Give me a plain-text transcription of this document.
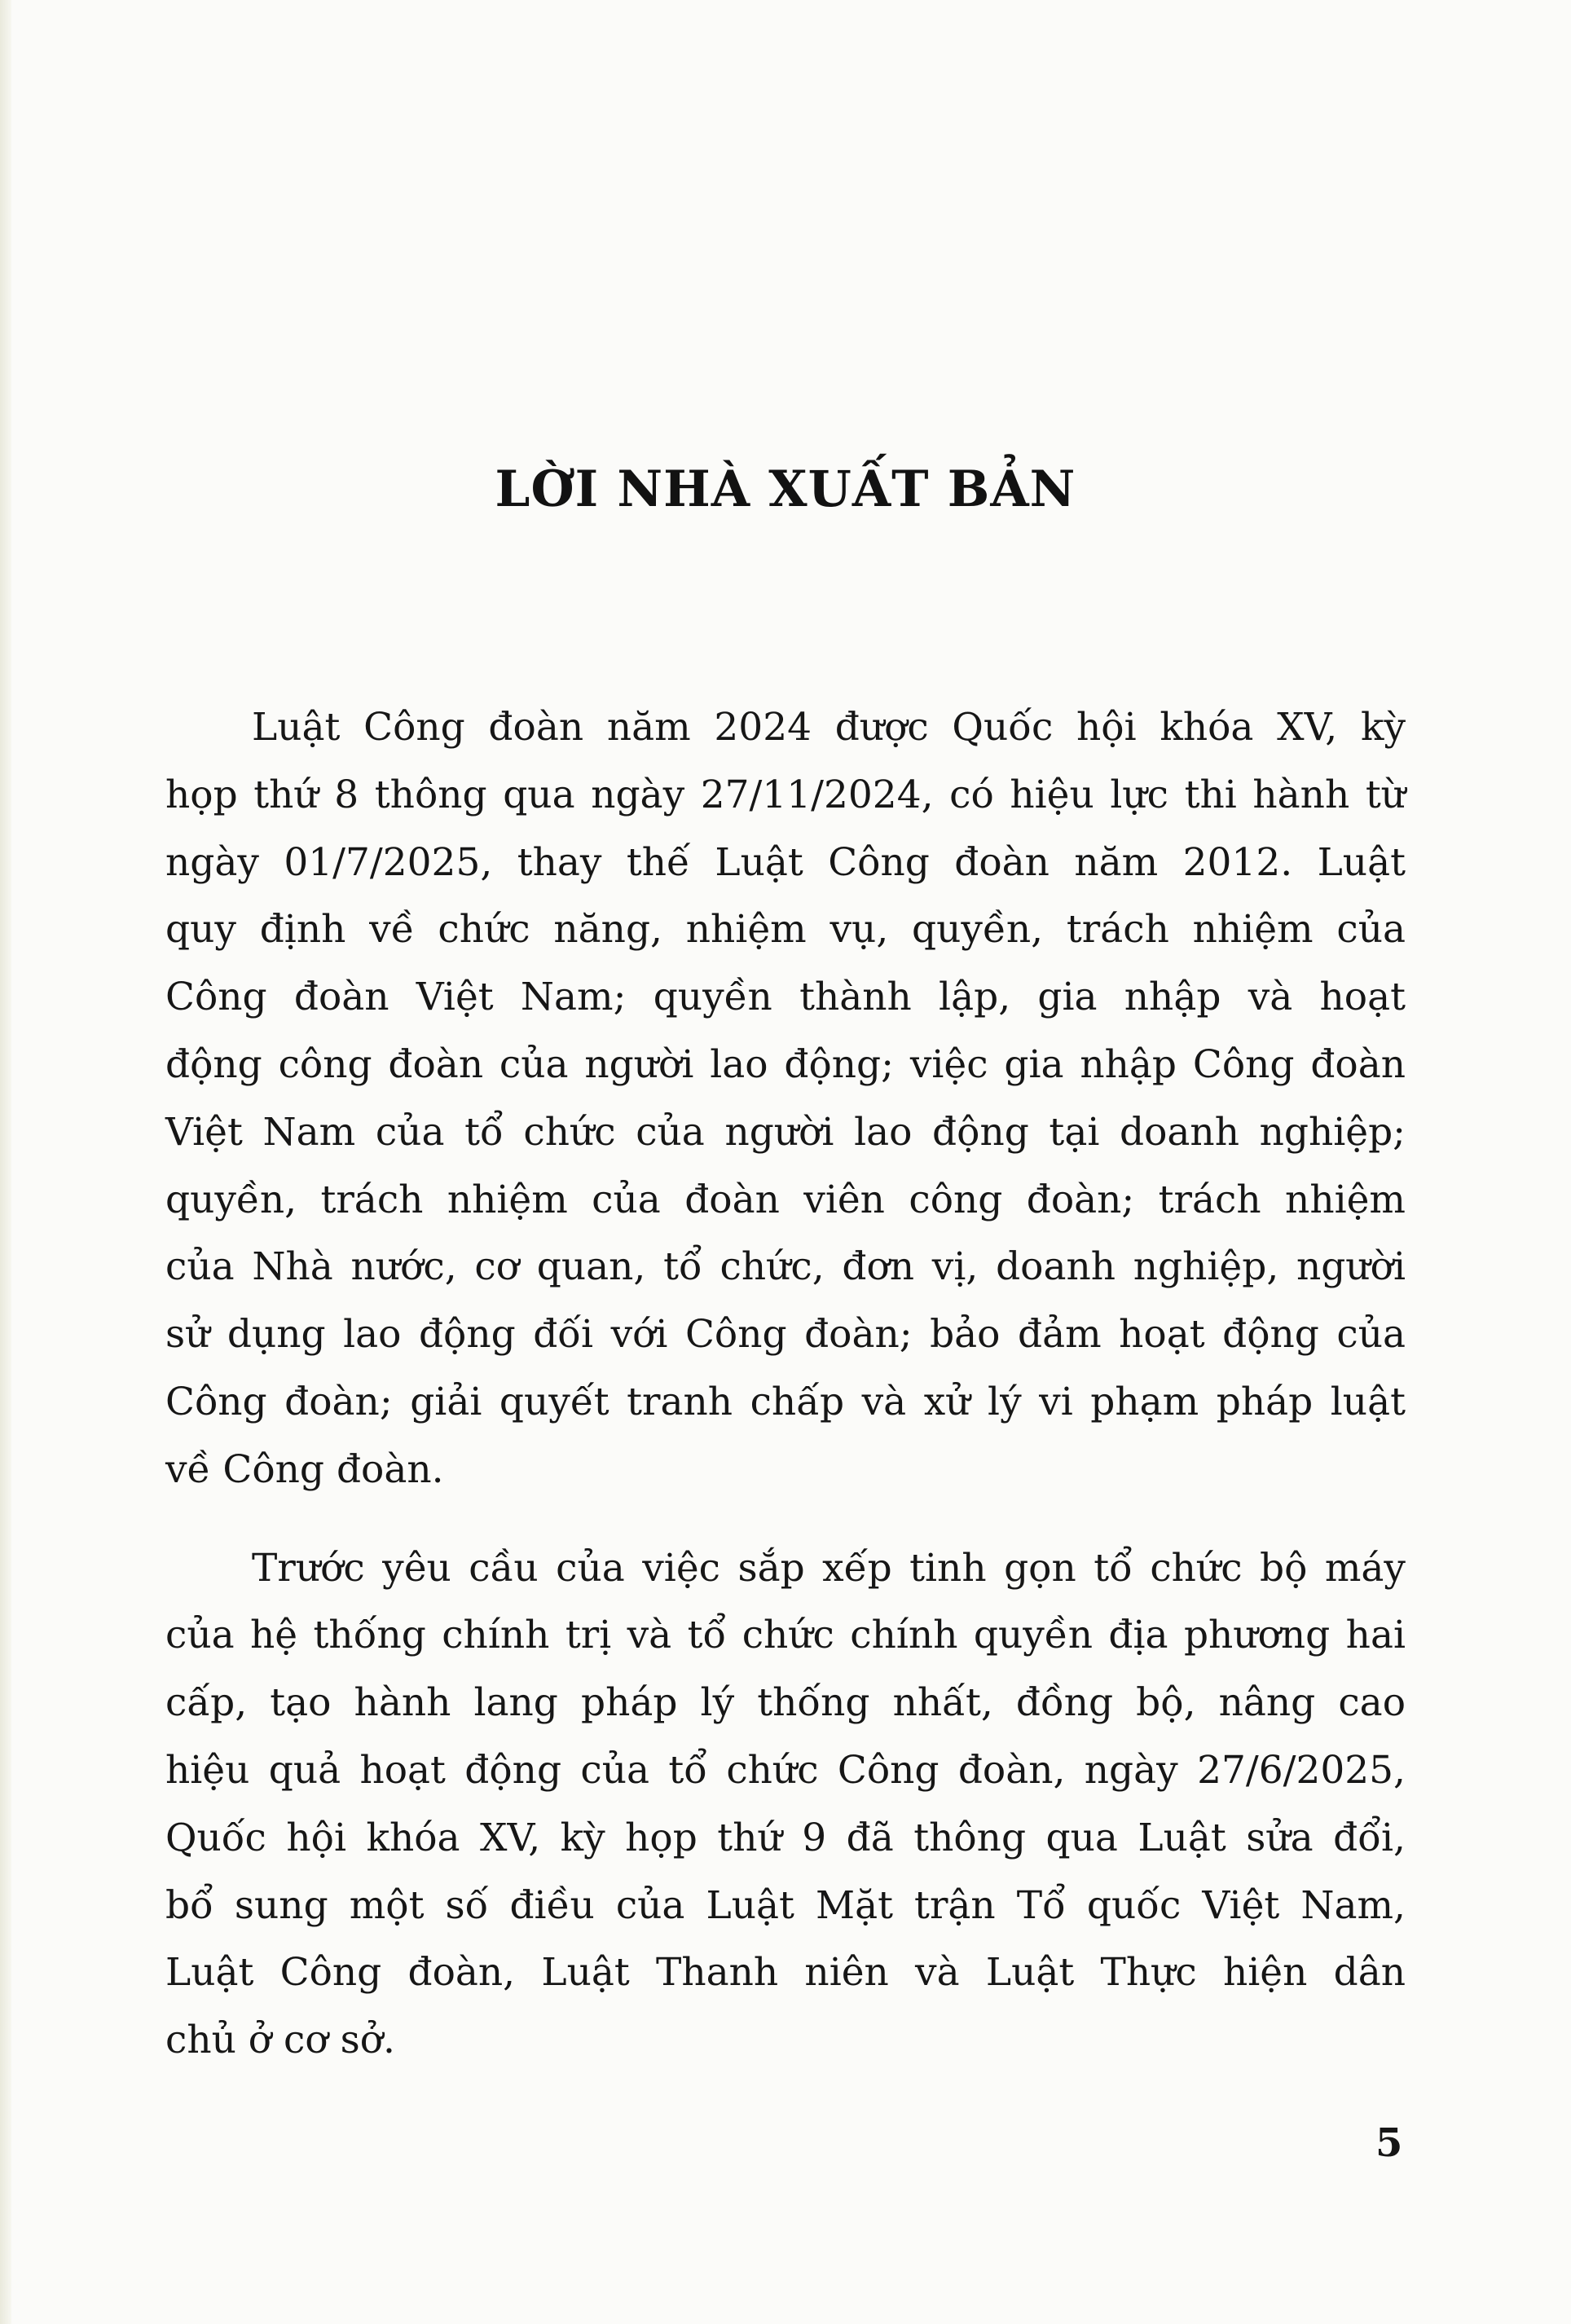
LỜI NHÀ XUẤT BẢN

Luật Công đoàn năm 2024 được Quốc hội khóa XV, kỳ
họp thứ 8 thông qua ngày 27/11/2024, có hiệu lực thi hành từ
ngày 01/7/2025, thay thế Luật Công đoàn năm 2012. Luật
quy định về chức năng, nhiệm vụ, quyền, trách nhiệm của
Công đoàn Việt Nam; quyền thành lập, gia nhập và hoạt
động công đoàn của người lao động; việc gia nhập Công đoàn
Việt Nam của tổ chức của người lao động tại doanh nghiệp;
quyền, trách nhiệm của đoàn viên công đoàn; trách nhiệm
của Nhà nước, cơ quan, tổ chức, đơn vị, doanh nghiệp, người
sử dụng lao động đối với Công đoàn; bảo đảm hoạt động của
Công đoàn; giải quyết tranh chấp và xử lý vi phạm pháp luật
về Công đoàn.

Trước yêu cầu của việc sắp xếp tinh gọn tổ chức bộ máy
của hệ thống chính trị và tổ chức chính quyền địa phương hai
cấp, tạo hành lang pháp lý thống nhất, đồng bộ, nâng cao
hiệu quả hoạt động của tổ chức Công đoàn, ngày 27/6/2025,
Quốc hội khóa XV, kỳ họp thứ 9 đã thông qua Luật sửa đổi,
bổ sung một số điều của Luật Mặt trận Tổ quốc Việt Nam,
Luật Công đoàn, Luật Thanh niên và Luật Thực hiện dân
chủ ở cơ sở.

5
